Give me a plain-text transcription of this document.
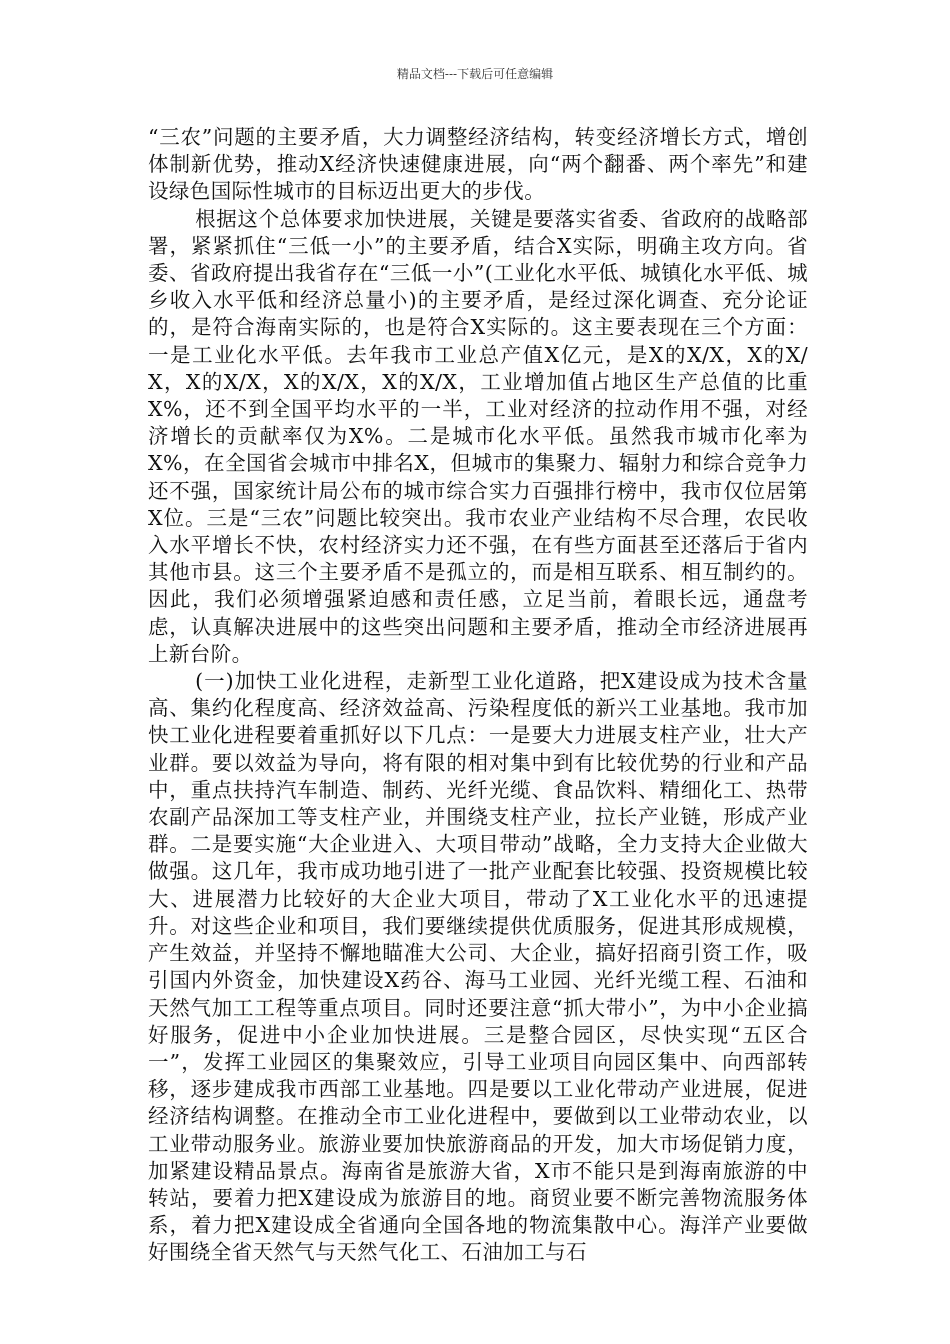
精品文档---下载后可任意编辑

“三农”问题的主要矛盾，大力调整经济结构，转变经济增长方式，增创体制新优势，推动X经济快速健康进展，向“两个翻番、两个率先”和建设绿色国际性城市的目标迈出更大的步伐。

根据这个总体要求加快进展，关键是要落实省委、省政府的战略部署，紧紧抓住“三低一小”的主要矛盾，结合X实际，明确主攻方向。省委、省政府提出我省存在“三低一小”(工业化水平低、城镇化水平低、城乡收入水平低和经济总量小)的主要矛盾，是经过深化调查、充分论证的，是符合海南实际的，也是符合X实际的。这主要表现在三个方面：一是工业化水平低。去年我市工业总产值X亿元，是X的X/X，X的X/X，X的X/X，X的X/X，X的X/X，工业增加值占地区生产总值的比重X%，还不到全国平均水平的一半，工业对经济的拉动作用不强，对经济增长的贡献率仅为X%。二是城市化水平低。虽然我市城市化率为X%，在全国省会城市中排名X，但城市的集聚力、辐射力和综合竞争力还不强，国家统计局公布的城市综合实力百强排行榜中，我市仅位居第X位。三是“三农”问题比较突出。我市农业产业结构不尽合理，农民收入水平增长不快，农村经济实力还不强，在有些方面甚至还落后于省内其他市县。这三个主要矛盾不是孤立的，而是相互联系、相互制约的。因此，我们必须增强紧迫感和责任感，立足当前，着眼长远，通盘考虑，认真解决进展中的这些突出问题和主要矛盾，推动全市经济进展再上新台阶。

(一)加快工业化进程，走新型工业化道路，把X建设成为技术含量高、集约化程度高、经济效益高、污染程度低的新兴工业基地。我市加快工业化进程要着重抓好以下几点：一是要大力进展支柱产业，壮大产业群。要以效益为导向，将有限的相对集中到有比较优势的行业和产品中，重点扶持汽车制造、制药、光纤光缆、食品饮料、精细化工、热带农副产品深加工等支柱产业，并围绕支柱产业，拉长产业链，形成产业群。二是要实施“大企业进入、大项目带动”战略，全力支持大企业做大做强。这几年，我市成功地引进了一批产业配套比较强、投资规模比较大、进展潜力比较好的大企业大项目，带动了X工业化水平的迅速提升。对这些企业和项目，我们要继续提供优质服务，促进其形成规模，产生效益，并坚持不懈地瞄准大公司、大企业，搞好招商引资工作，吸引国内外资金，加快建设X药谷、海马工业园、光纤光缆工程、石油和天然气加工工程等重点项目。同时还要注意“抓大带小”，为中小企业搞好服务，促进中小企业加快进展。三是整合园区，尽快实现“五区合一”，发挥工业园区的集聚效应，引导工业项目向园区集中、向西部转移，逐步建成我市西部工业基地。四是要以工业化带动产业进展，促进经济结构调整。在推动全市工业化进程中，要做到以工业带动农业，以工业带动服务业。旅游业要加快旅游商品的开发，加大市场促销力度，加紧建设精品景点。海南省是旅游大省，X市不能只是到海南旅游的中转站，要着力把X建设成为旅游目的地。商贸业要不断完善物流服务体系，着力把X建设成全省通向全国各地的物流集散中心。海洋产业要做好围绕全省天然气与天然气化工、石油加工与石
